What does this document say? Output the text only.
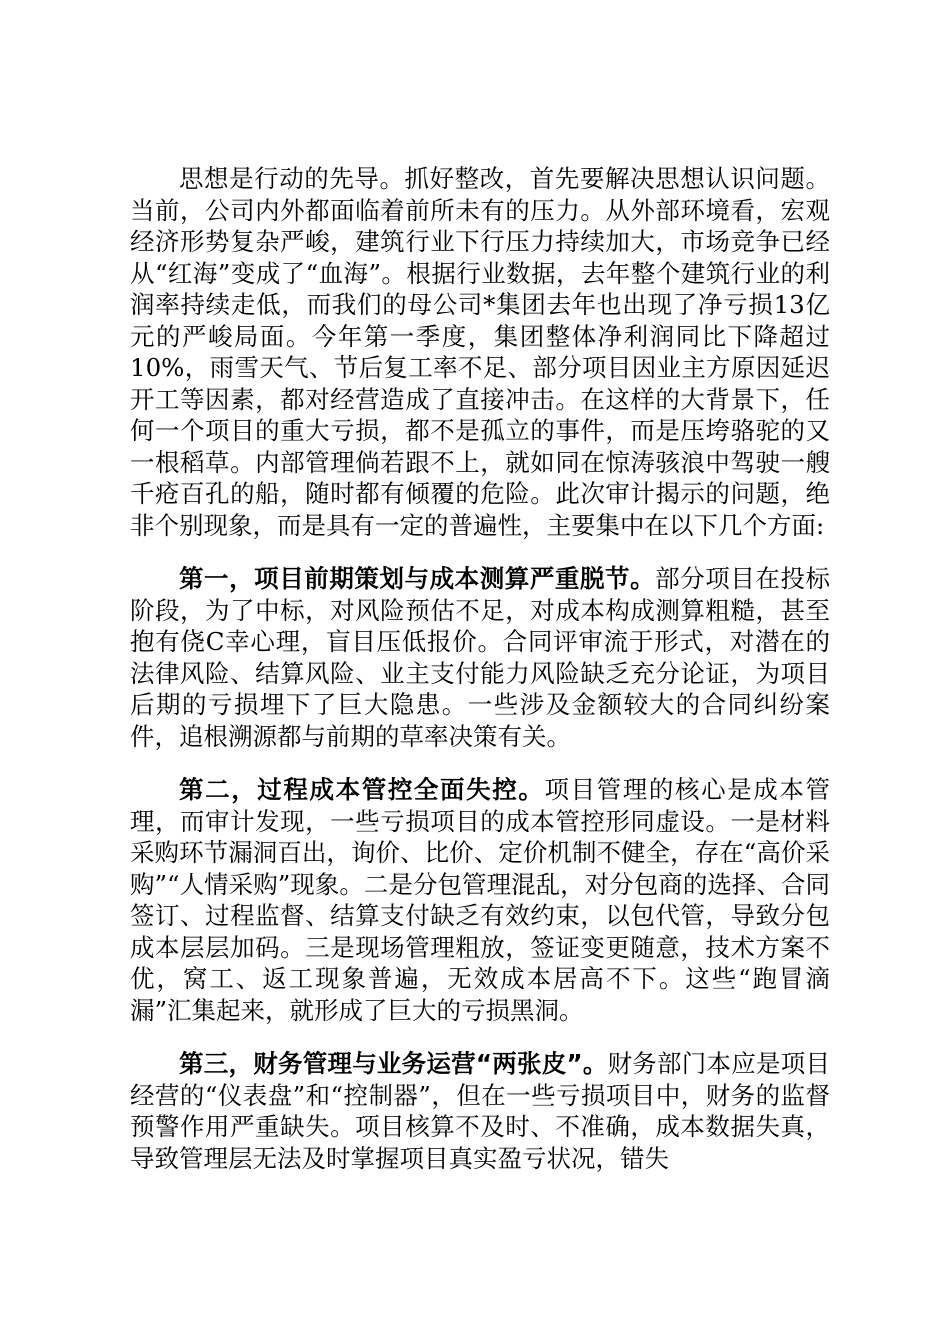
思想是行动的先导。抓好整改，首先要解决思想认识问题。当前，公司内外都面临着前所未有的压力。从外部环境看，宏观经济形势复杂严峻，建筑行业下行压力持续加大，市场竞争已经从“红海”变成了“血海”。根据行业数据，去年整个建筑行业的利润率持续走低，而我们的母公司*集团去年也出现了净亏损13亿元的严峻局面。今年第一季度，集团整体净利润同比下降超过10%，雨雪天气、节后复工率不足、部分项目因业主方原因延迟开工等因素，都对经营造成了直接冲击。在这样的大背景下，任何一个项目的重大亏损，都不是孤立的事件，而是压垮骆驼的又一根稻草。内部管理倘若跟不上，就如同在惊涛骇浪中驾驶一艘千疮百孔的船，随时都有倾覆的危险。此次审计揭示的问题，绝非个别现象，而是具有一定的普遍性，主要集中在以下几个方面:

第一，项目前期策划与成本测算严重脱节。部分项目在投标阶段，为了中标，对风险预估不足，对成本构成测算粗糙，甚至抱有侥C幸心理，盲目压低报价。合同评审流于形式，对潜在的法律风险、结算风险、业主支付能力风险缺乏充分论证，为项目后期的亏损埋下了巨大隐患。一些涉及金额较大的合同纠纷案件，追根溯源都与前期的草率决策有关。

第二，过程成本管控全面失控。项目管理的核心是成本管理，而审计发现，一些亏损项目的成本管控形同虚设。一是材料采购环节漏洞百出，询价、比价、定价机制不健全，存在“高价采购”“人情采购”现象。二是分包管理混乱，对分包商的选择、合同签订、过程监督、结算支付缺乏有效约束，以包代管，导致分包成本层层加码。三是现场管理粗放，签证变更随意，技术方案不优，窝工、返工现象普遍，无效成本居高不下。这些“跑冒滴漏”汇集起来，就形成了巨大的亏损黑洞。

第三，财务管理与业务运营“两张皮”。财务部门本应是项目经营的“仪表盘”和“控制器”，但在一些亏损项目中，财务的监督预警作用严重缺失。项目核算不及时、不准确，成本数据失真，导致管理层无法及时掌握项目真实盈亏状况，错失
